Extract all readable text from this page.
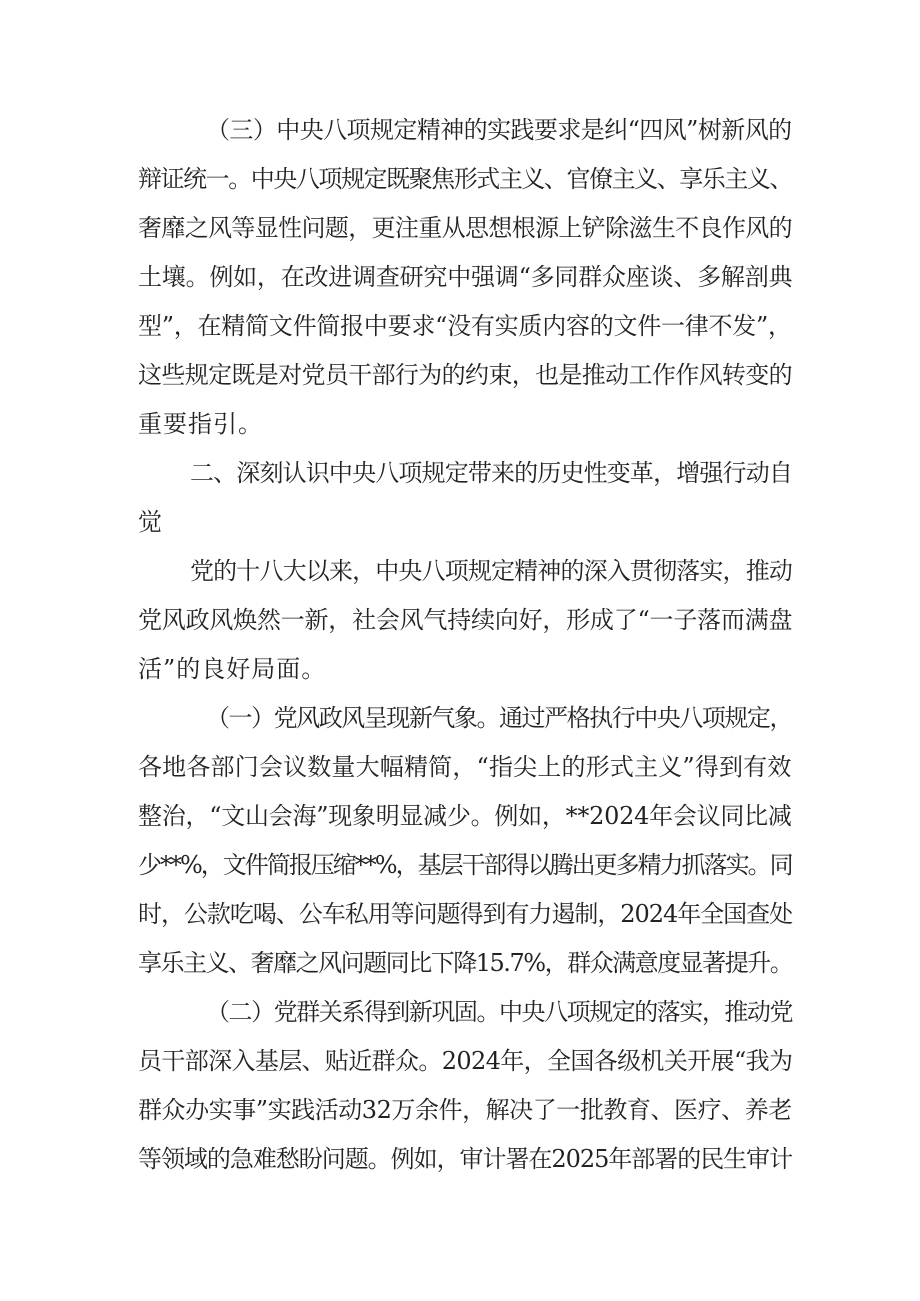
（三）中央八项规定精神的实践要求是纠“四风”树新风的
辩证统一。中央八项规定既聚焦形式主义、官僚主义、享乐主义、
奢靡之风等显性问题，更注重从思想根源上铲除滋生不良作风的
土壤。例如，在改进调查研究中强调“多同群众座谈、多解剖典
型”，在精简文件简报中要求“没有实质内容的文件一律不发”，
这些规定既是对党员干部行为的约束，也是推动工作作风转变的
重要指引。
二、深刻认识中央八项规定带来的历史性变革，增强行动自
觉
党的十八大以来，中央八项规定精神的深入贯彻落实，推动
党风政风焕然一新，社会风气持续向好，形成了“一子落而满盘
活”的良好局面。
（一）党风政风呈现新气象。通过严格执行中央八项规定，
各地各部门会议数量大幅精简，“指尖上的形式主义”得到有效
整治，“文山会海”现象明显减少。例如，**2024年会议同比减
少**%，文件简报压缩**%，基层干部得以腾出更多精力抓落实。同
时，公款吃喝、公车私用等问题得到有力遏制，2024年全国查处
享乐主义、奢靡之风问题同比下降15.7%，群众满意度显著提升。
（二）党群关系得到新巩固。中央八项规定的落实，推动党
员干部深入基层、贴近群众。2024年，全国各级机关开展“我为
群众办实事”实践活动32万余件，解决了一批教育、医疗、养老
等领域的急难愁盼问题。例如，审计署在2025年部署的民生审计
